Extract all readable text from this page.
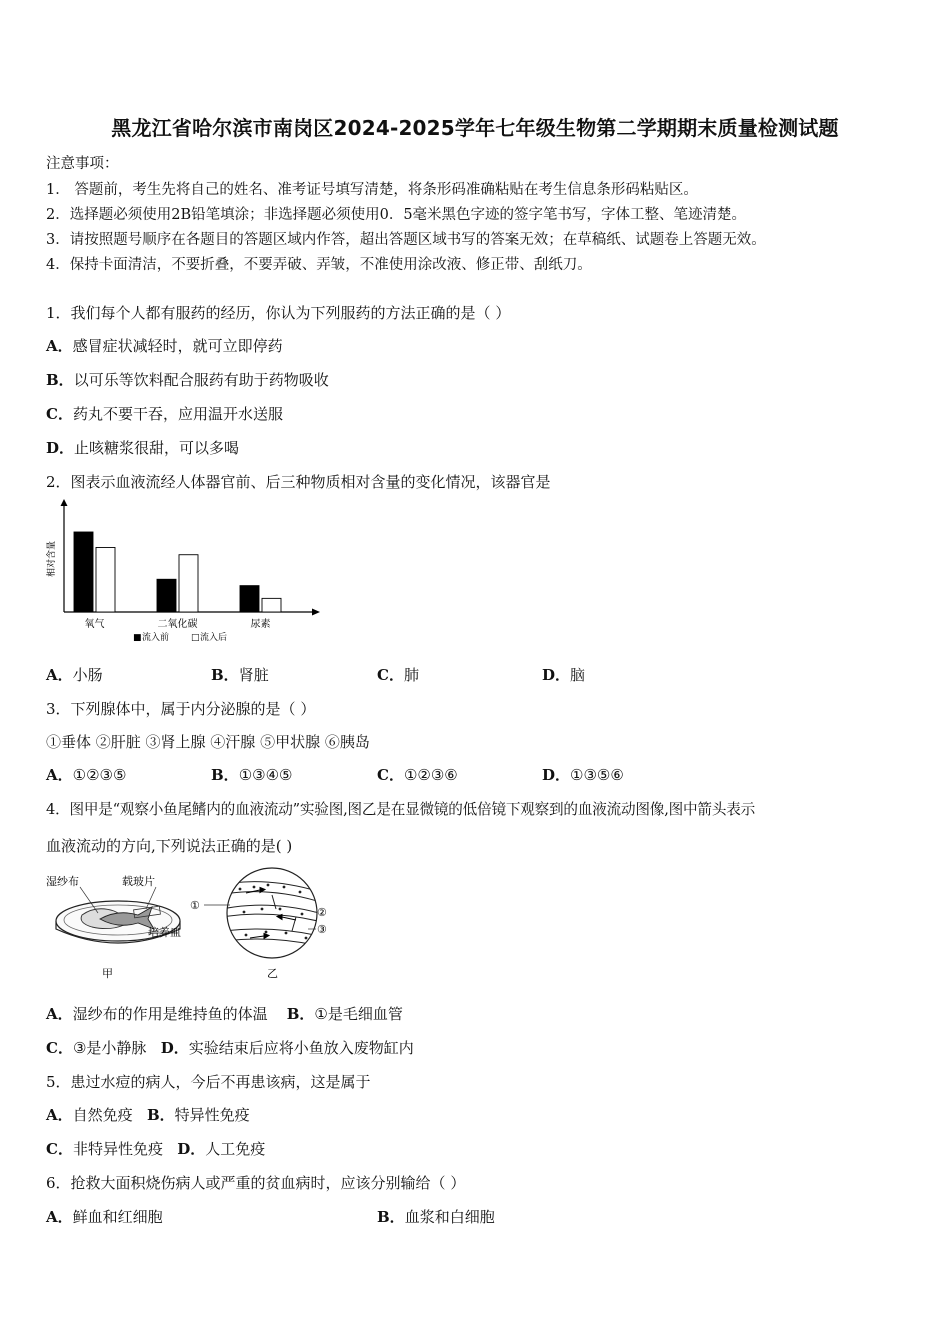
黑龙江省哈尔滨市南岗区2024-2025学年七年级生物第二学期期末质量检测试题
注意事项：
1． 答题前，考生先将自己的姓名、准考证号填写清楚，将条形码准确粘贴在考生信息条形码粘贴区。
2．选择题必须使用2B铅笔填涂；非选择题必须使用0．5毫米黑色字迹的签字笔书写，字体工整、笔迹清楚。
3．请按照题号顺序在各题目的答题区域内作答，超出答题区域书写的答案无效；在草稿纸、试题卷上答题无效。
4．保持卡面清洁，不要折叠，不要弄破、弄皱，不准使用涂改液、修正带、刮纸刀。
1．我们每个人都有服药的经历，你认为下列服药的方法正确的是（ ）
A．感冒症状减轻时，就可立即停药
B．以可乐等饮料配合服药有助于药物吸收
C．药丸不要干吞，应用温开水送服
D．止咳糖浆很甜，可以多喝
2．图表示血液流经人体器官前、后三种物质相对含量的变化情况，该器官是
相对含量
氧气	二氧化碳	尿素
■ 流入前 □ 流入后
A．小肠	B．肾脏	C．肺	D．脑
3．下列腺体中，属于内分泌腺的是（ ）
①垂体 ②肝脏 ③肾上腺 ④汗腺 ⑤甲状腺 ⑥胰岛
A．①②③⑤	B．①③④⑤	C．①②③⑥	D．①③⑤⑥
4．图甲是“观察小鱼尾鳍内的血液流动”实验图,图乙是在显微镜的低倍镜下观察到的血液流动图像,图中箭头表示
血液流动的方向,下列说法正确的是( )
湿纱布	载玻片
培养皿
甲
①
②
③
乙
A．湿纱布的作用是维持鱼的体温 B．①是毛细血管
C．③是小静脉 D．实验结束后应将小鱼放入废物缸内
5．患过水痘的病人，今后不再患该病，这是属于
A．自然免疫 B．特异性免疫
C．非特异性免疫 D．人工免疫
6．抢救大面积烧伤病人或严重的贫血病时，应该分别输给（ ）
A．鲜血和红细胞	B．血浆和白细胞
